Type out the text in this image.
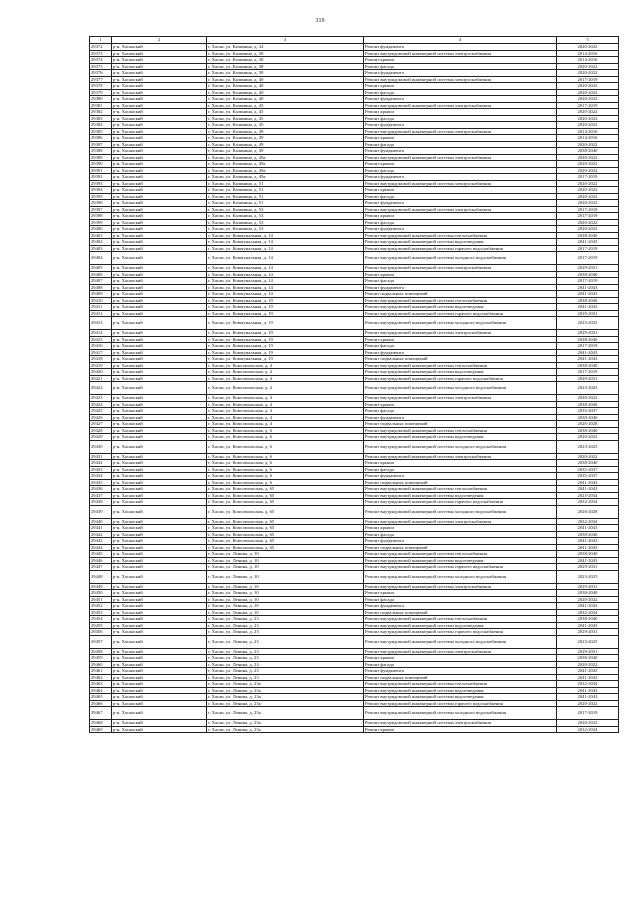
319
1	2	3	4	5
29372	р-н. Хасанский	г. Хасан, ул. Калинина, д. 34	Ремонт фундамента	2020-2022
29373	р-н. Хасанский	г. Хасан, ул. Калинина, д. 38	Ремонт внутридомовой инженерной системы электроснабжения	2014-2016
29374	р-н. Хасанский	г. Хасан, ул. Калинина, д. 38	Ремонт крыши	2014-2016
29375	р-н. Хасанский	г. Хасан, ул. Калинина, д. 38	Ремонт фасада	2020-2022
29376	р-н. Хасанский	г. Хасан, ул. Калинина, д. 38	Ремонт фундамента	2020-2022
29377	р-н. Хасанский	г. Хасан, ул. Калинина, д. 40	Ремонт внутридомовой инженерной системы электроснабжения	2017-2019
29378	р-н. Хасанский	г. Хасан, ул. Калинина, д. 40	Ремонт крыши	2020-2022
29379	р-н. Хасанский	г. Хасан, ул. Калинина, д. 40	Ремонт фасада	2020-2022
29380	р-н. Хасанский	г. Хасан, ул. Калинина, д. 40	Ремонт фундамента	2020-2022
29381	р-н. Хасанский	г. Хасан, ул. Калинина, д. 45	Ремонт внутридомовой инженерной системы электроснабжения	2017-2019
29382	р-н. Хасанский	г. Хасан, ул. Калинина, д. 45	Ремонт крыши	2020-2022
29383	р-н. Хасанский	г. Хасан, ул. Калинина, д. 45	Ремонт фасада	2020-2022
29384	р-н. Хасанский	г. Хасан, ул. Калинина, д. 45	Ремонт фундамента	2020-2022
29385	р-н. Хасанский	г. Хасан, ул. Калинина, д. 49	Ремонт внутридомовой инженерной системы электроснабжения	2014-2016
29386	р-н. Хасанский	г. Хасан, ул. Калинина, д. 49	Ремонт крыши	2014-2016
29387	р-н. Хасанский	г. Хасан, ул. Калинина, д. 49	Ремонт фасада	2020-2022
29388	р-н. Хасанский	г. Хасан, ул. Калинина, д. 49	Ремонт фундамента	2038-2040
29389	р-н. Хасанский	г. Хасан, ул. Калинина, д. 49а	Ремонт внутридомовой инженерной системы электроснабжения	2020-2022
29390	р-н. Хасанский	г. Хасан, ул. Калинина, д. 49а	Ремонт крыши	2020-2022
29391	р-н. Хасанский	г. Хасан, ул. Калинина, д. 49а	Ремонт фасада	2020-2022
29392	р-н. Хасанский	г. Хасан, ул. Калинина, д. 49а	Ремонт фундамента	2017-2019
29393	р-н. Хасанский	г. Хасан, ул. Калинина, д. 51	Ремонт внутридомовой инженерной системы электроснабжения	2020-2022
29394	р-н. Хасанский	г. Хасан, ул. Калинина, д. 51	Ремонт крыши	2020-2022
29395	р-н. Хасанский	г. Хасан, ул. Калинина, д. 51	Ремонт фасада	2020-2022
29396	р-н. Хасанский	г. Хасан, ул. Калинина, д. 51	Ремонт фундамента	2020-2022
29397	р-н. Хасанский	г. Хасан, ул. Калинина, д. 53	Ремонт внутридомовой инженерной системы электроснабжения	2017-2019
29398	р-н. Хасанский	г. Хасан, ул. Калинина, д. 53	Ремонт крыши	2017-2019
29399	р-н. Хасанский	г. Хасан, ул. Калинина, д. 53	Ремонт фасада	2020-2022
29400	р-н. Хасанский	г. Хасан, ул. Калинина, д. 53	Ремонт фундамента	2020-2022
29401	р-н. Хасанский	г. Хасан, ул. Коммунальная, д. 14	Ремонт внутридомовой инженерной системы теплоснабжения	2038-2040
29402	р-н. Хасанский	г. Хасан, ул. Коммунальная, д. 14	Ремонт внутридомовой инженерной системы водоотведения	2041-2043
29403	р-н. Хасанский	г. Хасан, ул. Коммунальная, д. 14	Ремонт внутридомовой инженерной системы горячего водоснабжения	2017-2019
29404	р-н. Хасанский	г. Хасан, ул. Коммунальная, д. 14	Ремонт внутридомовой инженерной системы холодного водоснабжения	2017-2019
29405	р-н. Хасанский	г. Хасан, ул. Коммунальная, д. 14	Ремонт внутридомовой инженерной системы электроснабжения	2029-2031
29406	р-н. Хасанский	г. Хасан, ул. Коммунальная, д. 14	Ремонт крыши	2038-2040
29407	р-н. Хасанский	г. Хасан, ул. Коммунальная, д. 14	Ремонт фасада	2017-2019
29408	р-н. Хасанский	г. Хасан, ул. Коммунальная, д. 14	Ремонт фундамента	2041-2043
29409	р-н. Хасанский	г. Хасан, ул. Коммунальная, д. 14	Ремонт подвальных помещений	2041-2043
29410	р-н. Хасанский	г. Хасан, ул. Коммунальная, д. 19	Ремонт внутридомовой инженерной системы теплоснабжения	2038-2040
29411	р-н. Хасанский	г. Хасан, ул. Коммунальная, д. 19	Ремонт внутридомовой инженерной системы водоотведения	2041-2043
29412	р-н. Хасанский	г. Хасан, ул. Коммунальная, д. 19	Ремонт внутридомовой инженерной системы горячего водоснабжения	2029-2031
29413	р-н. Хасанский	г. Хасан, ул. Коммунальная, д. 19	Ремонт внутридомовой инженерной системы холодного водоснабжения	2023-2025
29414	р-н. Хасанский	г. Хасан, ул. Коммунальная, д. 19	Ремонт внутридомовой инженерной системы электроснабжения	2029-2031
29415	р-н. Хасанский	г. Хасан, ул. Коммунальная, д. 19	Ремонт крыши	2038-2040
29416	р-н. Хасанский	г. Хасан, ул. Коммунальная, д. 19	Ремонт фасада	2017-2019
29417	р-н. Хасанский	г. Хасан, ул. Коммунальная, д. 19	Ремонт фундамента	2041-2043
29418	р-н. Хасанский	г. Хасан, ул. Коммунальная, д. 19	Ремонт подвальных помещений	2041-2043
29419	р-н. Хасанский	г. Хасан, ул. Комсомольская, д. 4	Ремонт внутридомовой инженерной системы теплоснабжения	2038-2040
29420	р-н. Хасанский	г. Хасан, ул. Комсомольская, д. 4	Ремонт внутридомовой инженерной системы водоотведения	2017-2019
29421	р-н. Хасанский	г. Хасан, ул. Комсомольская, д. 4	Ремонт внутридомовой инженерной системы горячего водоснабжения	2029-2031
29422	р-н. Хасанский	г. Хасан, ул. Комсомольская, д. 4	Ремонт внутридомовой инженерной системы холодного водоснабжения	2023-2025
29423	р-н. Хасанский	г. Хасан, ул. Комсомольская, д. 4	Ремонт внутридомовой инженерной системы электроснабжения	2020-2022
29424	р-н. Хасанский	г. Хасан, ул. Комсомольская, д. 4	Ремонт крыши	2038-2040
29425	р-н. Хасанский	г. Хасан, ул. Комсомольская, д. 4	Ремонт фасада	2035-2037
29426	р-н. Хасанский	г. Хасан, ул. Комсомольская, д. 4	Ремонт фундамента	2038-2040
29427	р-н. Хасанский	г. Хасан, ул. Комсомольская, д. 4	Ремонт подвальных помещений	2026-2028
29428	р-н. Хасанский	г. Хасан, ул. Комсомольская, д. 6	Ремонт внутридомовой инженерной системы теплоснабжения	2038-2040
29429	р-н. Хасанский	г. Хасан, ул. Комсомольская, д. 6	Ремонт внутридомовой инженерной системы водоотведения	2020-2022
29430	р-н. Хасанский	г. Хасан, ул. Комсомольская, д. 6	Ремонт внутридомовой инженерной системы холодного водоснабжения	2023-2025
29431	р-н. Хасанский	г. Хасан, ул. Комсомольская, д. 6	Ремонт внутридомовой инженерной системы электроснабжения	2020-2022
29432	р-н. Хасанский	г. Хасан, ул. Комсомольская, д. 6	Ремонт крыши	2038-2040
29433	р-н. Хасанский	г. Хасан, ул. Комсомольская, д. 6	Ремонт фасада	2035-2037
29434	р-н. Хасанский	г. Хасан, ул. Комсомольская, д. 6	Ремонт фундамента	2035-2037
29435	р-н. Хасанский	г. Хасан, ул. Комсомольская, д. 6	Ремонт подвальных помещений	2041-2043
29436	р-н. Хасанский	г. Хасан, ул. Комсомольская, д. 65	Ремонт внутридомовой инженерной системы теплоснабжения	2041-2043
29437	р-н. Хасанский	г. Хасан, ул. Комсомольская, д. 65	Ремонт внутридомовой инженерной системы водоотведения	2023-2034
29438	р-н. Хасанский	г. Хасан, ул. Комсомольская, д. 65	Ремонт внутридомовой инженерной системы горячего водоснабжения	2032-2034
29439	р-н. Хасанский	г. Хасан, ул. Комсомольская, д. 65	Ремонт внутридомовой инженерной системы холодного водоснабжения	2026-2028
29440	р-н. Хасанский	г. Хасан, ул. Комсомольская, д. 65	Ремонт внутридомовой инженерной системы электроснабжения	2032-2034
29441	р-н. Хасанский	г. Хасан, ул. Комсомольская, д. 65	Ремонт крыши	2041-2043
29442	р-н. Хасанский	г. Хасан, ул. Комсомольская, д. 65	Ремонт фасада	2038-2040
29443	р-н. Хасанский	г. Хасан, ул. Комсомольская, д. 65	Ремонт фундамента	2041-2043
29444	р-н. Хасанский	г. Хасан, ул. Комсомольская, д. 65	Ремонт подвальных помещений	2041-2043
29445	р-н. Хасанский	г. Хасан, ул. Ленина, д. 10	Ремонт внутридомовой инженерной системы теплоснабжения	2038-2040
29446	р-н. Хасанский	г. Хасан, ул. Ленина, д. 10	Ремонт внутридомовой инженерной системы водоотведения	2041-2043
29447	р-н. Хасанский	г. Хасан, ул. Ленина, д. 10	Ремонт внутридомовой инженерной системы горячего водоснабжения	2029-2031
29448	р-н. Хасанский	г. Хасан, ул. Ленина, д. 10	Ремонт внутридомовой инженерной системы холодного водоснабжения	2023-2025
29449	р-н. Хасанский	г. Хасан, ул. Ленина, д. 10	Ремонт внутридомовой инженерной системы электроснабжения	2029-2031
29450	р-н. Хасанский	г. Хасан, ул. Ленина, д. 10	Ремонт крыши	2038-2040
29451	р-н. Хасанский	г. Хасан, ул. Ленина, д. 10	Ремонт фасада	2020-2022
29452	р-н. Хасанский	г. Хасан, ул. Ленина, д. 10	Ремонт фундамента	2041-2043
29453	р-н. Хасанский	г. Хасан, ул. Ленина, д. 10	Ремонт подвальных помещений	2032-2034
29454	р-н. Хасанский	г. Хасан, ул. Ленина, д. 23	Ремонт внутридомовой инженерной системы теплоснабжения	2038-2040
29455	р-н. Хасанский	г. Хасан, ул. Ленина, д. 23	Ремонт внутридомовой инженерной системы водоотведения	2041-2043
29456	р-н. Хасанский	г. Хасан, ул. Ленина, д. 23	Ремонт внутридомовой инженерной системы горячего водоснабжения	2029-2031
29457	р-н. Хасанский	г. Хасан, ул. Ленина, д. 23	Ремонт внутридомовой инженерной системы холодного водоснабжения	2023-2025
29458	р-н. Хасанский	г. Хасан, ул. Ленина, д. 23	Ремонт внутридомовой инженерной системы электроснабжения	2029-2031
29459	р-н. Хасанский	г. Хасан, ул. Ленина, д. 23	Ремонт крыши	2038-2040
29460	р-н. Хасанский	г. Хасан, ул. Ленина, д. 23	Ремонт фасада	2020-2022
29461	р-н. Хасанский	г. Хасан, ул. Ленина, д. 23	Ремонт фундамента	2041-2043
29462	р-н. Хасанский	г. Хасан, ул. Ленина, д. 23	Ремонт подвальных помещений	2041-2043
29463	р-н. Хасанский	г. Хасан, ул. Ленина, д. 23а	Ремонт внутридомовой инженерной системы теплоснабжения	2032-2034
29464	р-н. Хасанский	г. Хасан, ул. Ленина, д. 23а	Ремонт внутридомовой инженерной системы водоотведения	2041-2043
29465	р-н. Хасанский	г. Хасан, ул. Ленина, д. 23а	Ремонт внутридомовой инженерной системы водоотведения	2041-2043
29466	р-н. Хасанский	г. Хасан, ул. Ленина, д. 23а	Ремонт внутридомовой инженерной системы горячего водоснабжения	2020-2022
29467	р-н. Хасанский	г. Хасан, ул. Ленина, д. 23а	Ремонт внутридомовой инженерной системы холодного водоснабжения	2017-2019
29468	р-н. Хасанский	г. Хасан, ул. Ленина, д. 23а	Ремонт внутридомовой инженерной системы электроснабжения	2020-2022
29469	р-н. Хасанский	г. Хасан, ул. Ленина, д. 23а	Ремонт крыши	2032-2034
